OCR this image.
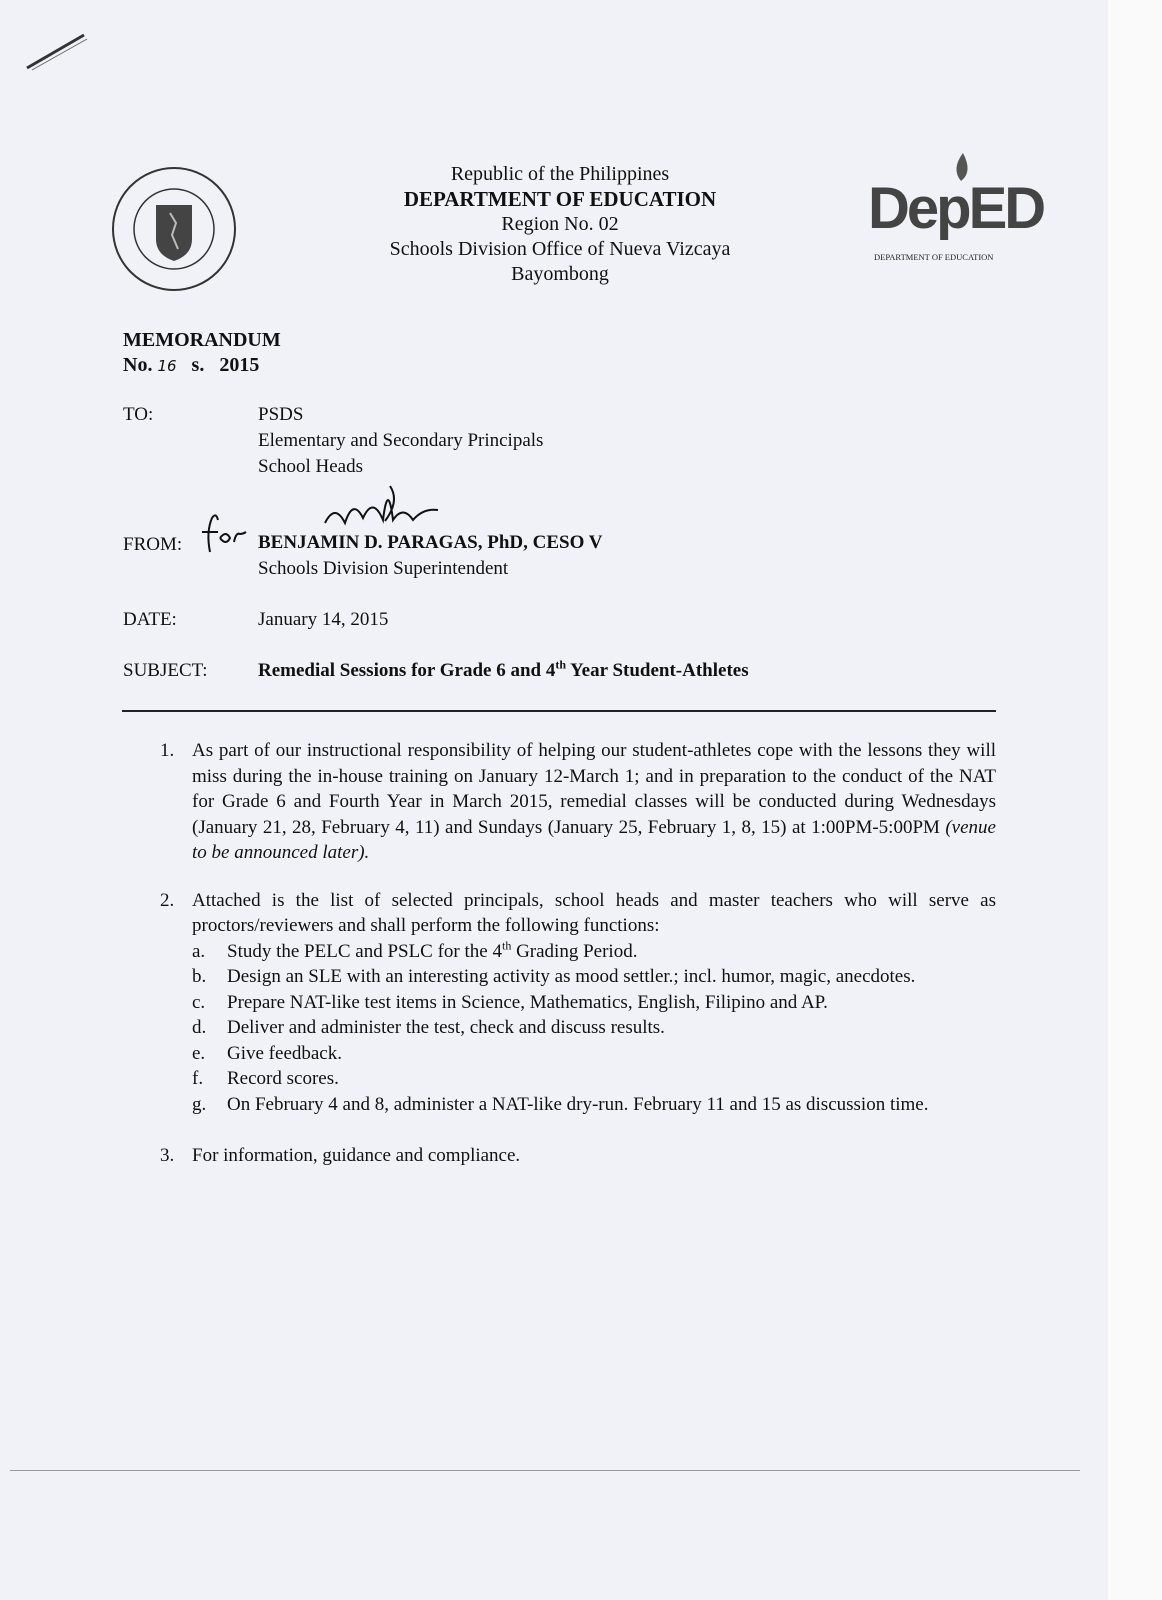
Republic of the Philippines
DEPARTMENT OF EDUCATION
Region No. 02
Schools Division Office of Nueva Vizcaya
Bayombong
DepED
DEPARTMENT OF EDUCATION
MEMORANDUM
No. 16 s. 2015
TO:	PSDS
Elementary and Secondary Principals
School Heads
FROM:	BENJAMIN D. PARAGAS, PhD, CESO V
Schools Division Superintendent
DATE:	January 14, 2015
SUBJECT:	Remedial Sessions for Grade 6 and 4th Year Student-Athletes
1. As part of our instructional responsibility of helping our student-athletes cope with the lessons they will miss during the in-house training on January 12-March 1; and in preparation to the conduct of the NAT for Grade 6 and Fourth Year in March 2015, remedial classes will be conducted during Wednesdays (January 21, 28, February 4, 11) and Sundays (January 25, February 1, 8, 15) at 1:00PM-5:00PM (venue to be announced later).
2. Attached is the list of selected principals, school heads and master teachers who will serve as proctors/reviewers and shall perform the following functions:
a. Study the PELC and PSLC for the 4th Grading Period.
b. Design an SLE with an interesting activity as mood settler.; incl. humor, magic, anecdotes.
c. Prepare NAT-like test items in Science, Mathematics, English, Filipino and AP.
d. Deliver and administer the test, check and discuss results.
e. Give feedback.
f. Record scores.
g. On February 4 and 8, administer a NAT-like dry-run. February 11 and 15 as discussion time.
3. For information, guidance and compliance.
